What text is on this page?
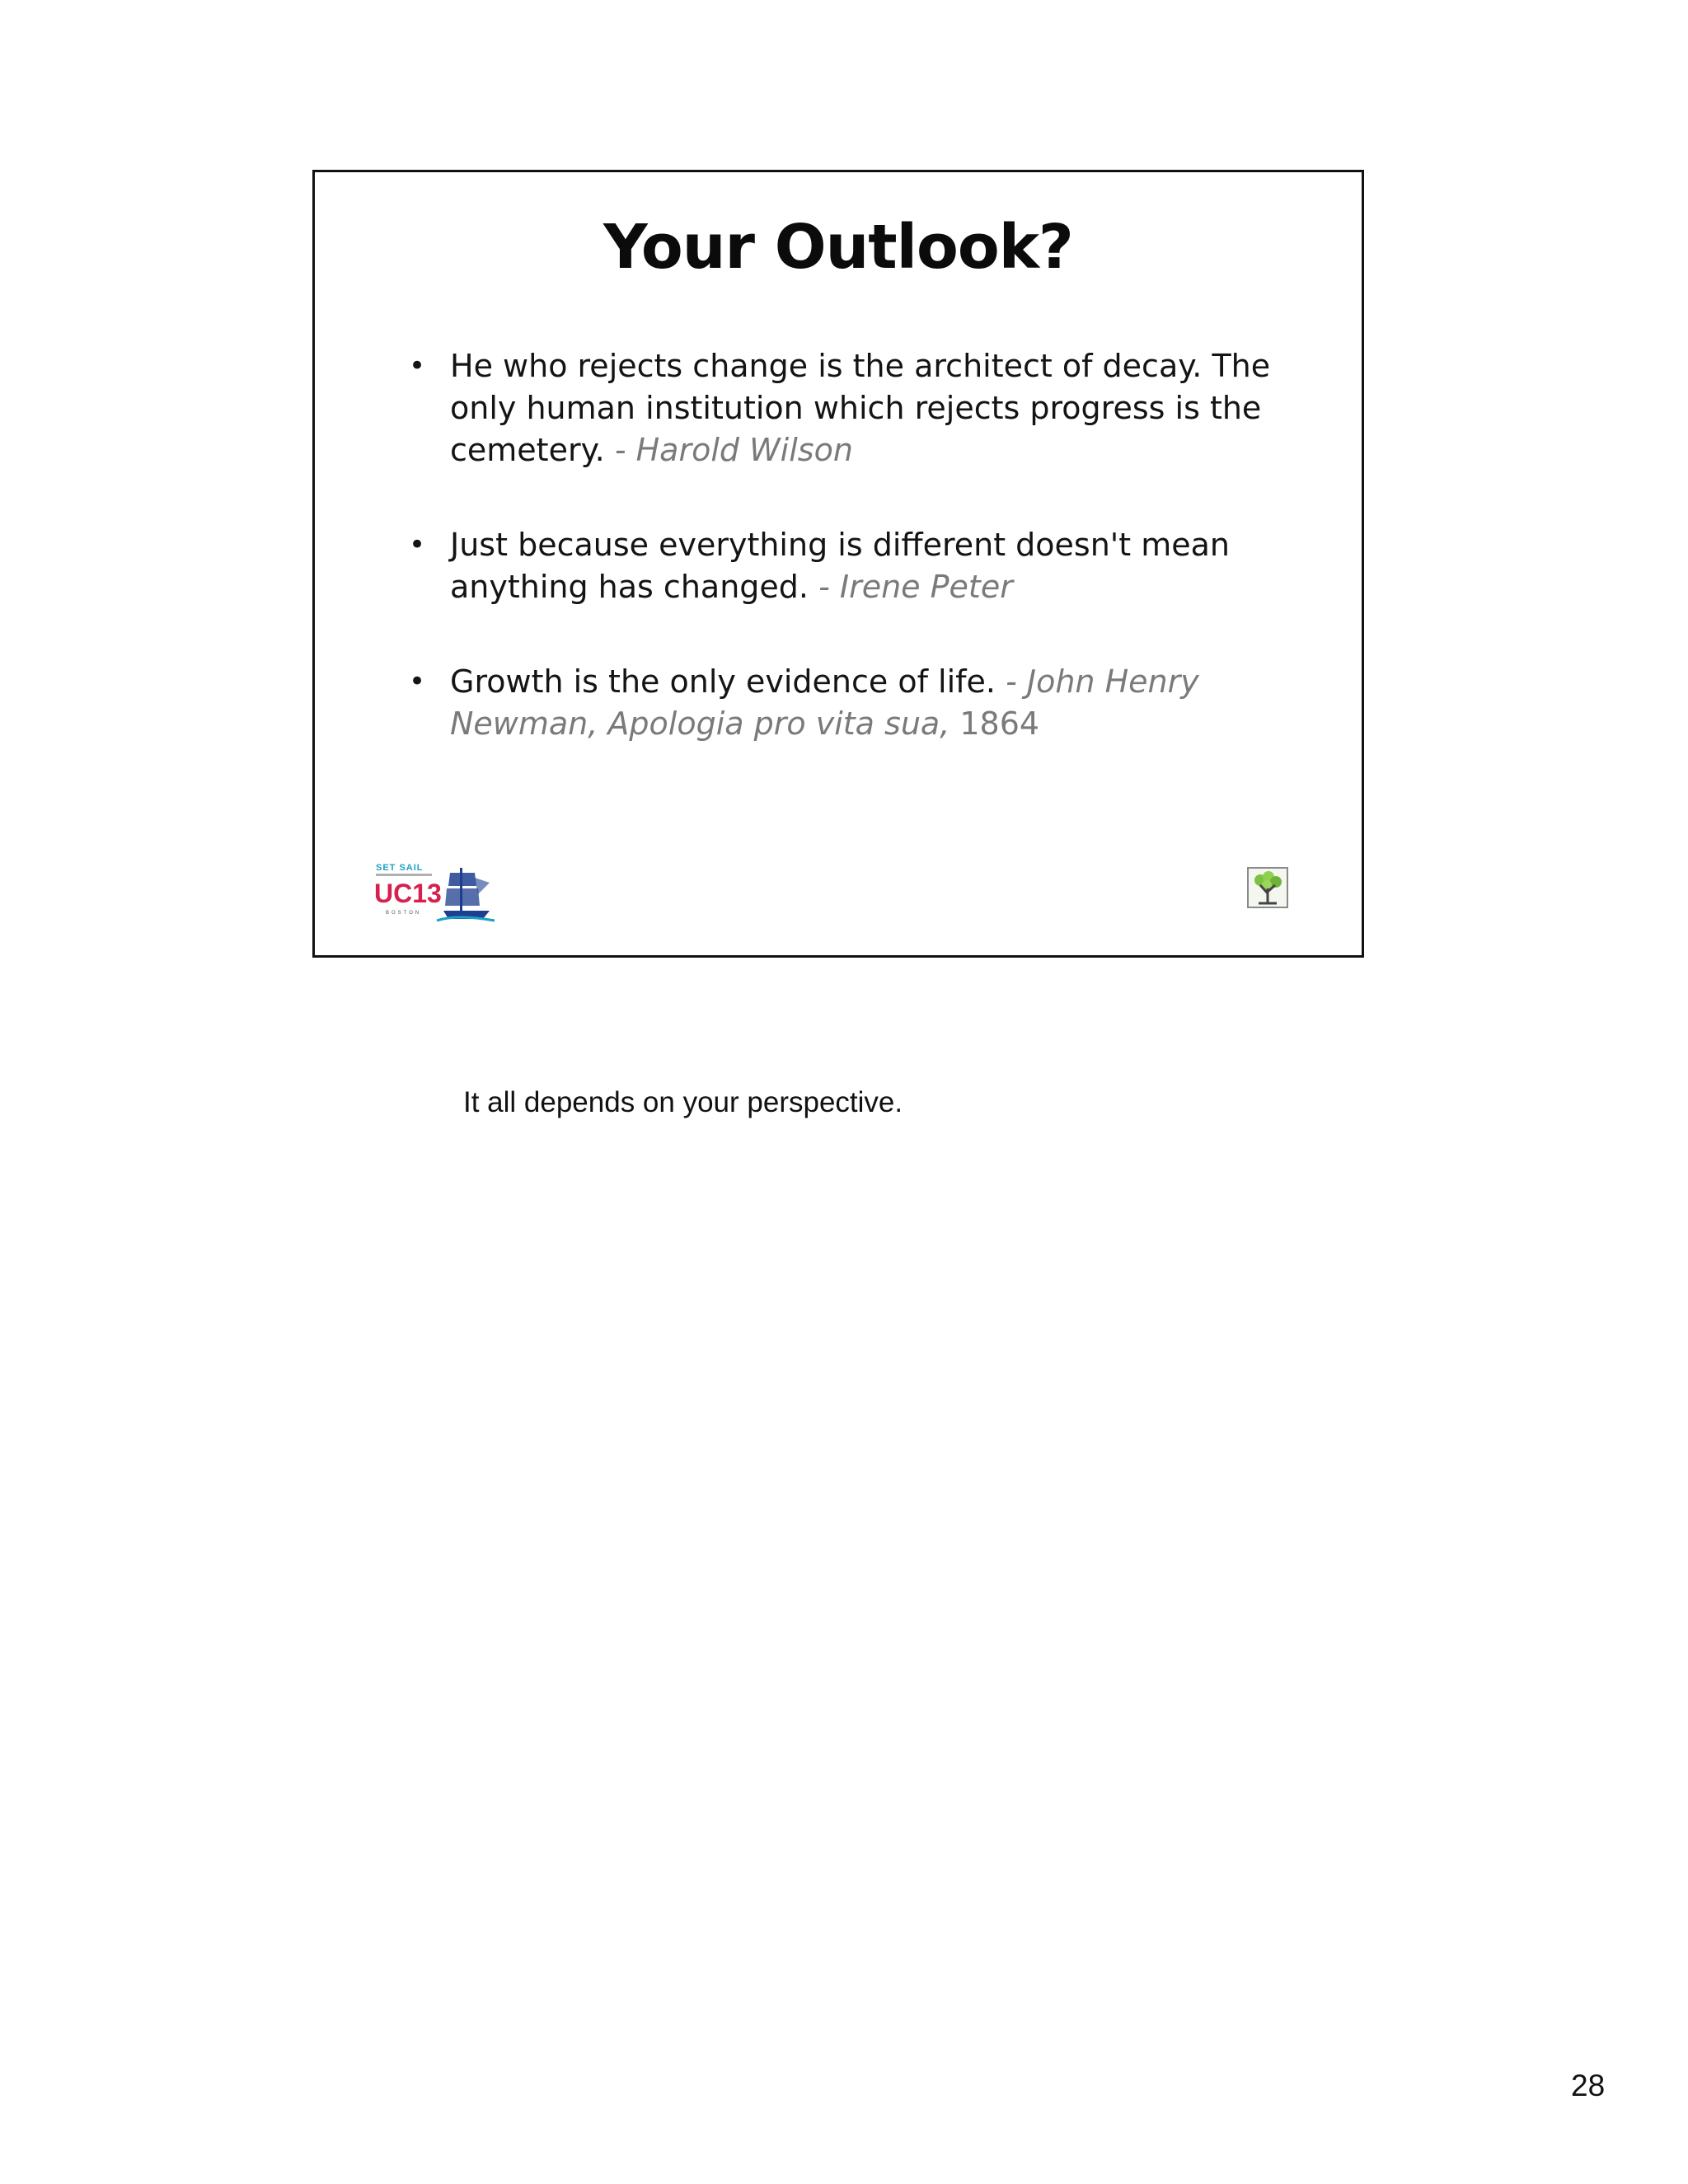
Your Outlook?
• He who rejects change is the architect of decay. The only human institution which rejects progress is the cemetery. - Harold Wilson
• Just because everything is different doesn't mean anything has changed. - Irene Peter
• Growth is the only evidence of life. - John Henry Newman, Apologia pro vita sua, 1864
SET SAIL
UC13
BOSTON
It all depends on your perspective.
28
